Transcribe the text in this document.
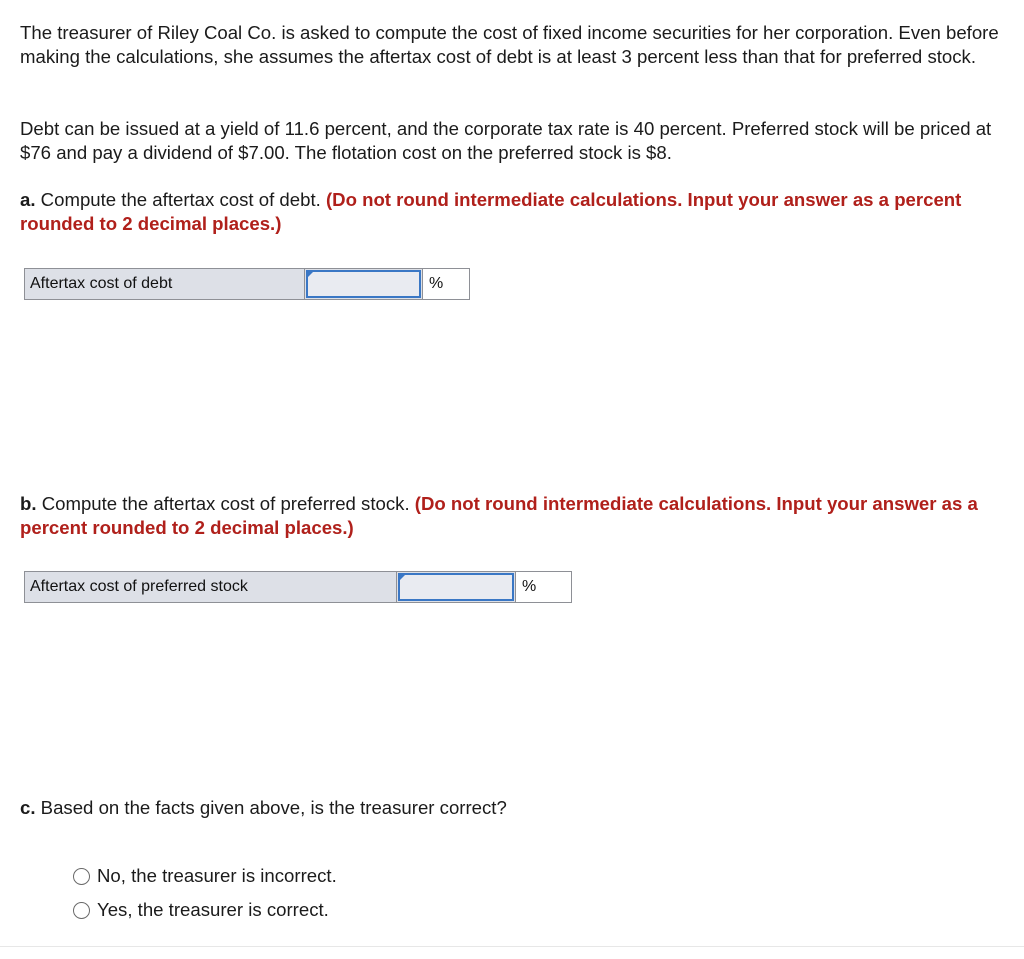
The treasurer of Riley Coal Co. is asked to compute the cost of fixed income securities for her corporation. Even before making the calculations, she assumes the aftertax cost of debt is at least 3 percent less than that for preferred stock.

Debt can be issued at a yield of 11.6 percent, and the corporate tax rate is 40 percent. Preferred stock will be priced at $76 and pay a dividend of $7.00. The flotation cost on the preferred stock is $8.

a. Compute the aftertax cost of debt. (Do not round intermediate calculations. Input your answer as a percent rounded to 2 decimal places.)

Aftertax cost of debt	%

b. Compute the aftertax cost of preferred stock. (Do not round intermediate calculations. Input your answer as a percent rounded to 2 decimal places.)

Aftertax cost of preferred stock	%

c. Based on the facts given above, is the treasurer correct?

No, the treasurer is incorrect.
Yes, the treasurer is correct.
